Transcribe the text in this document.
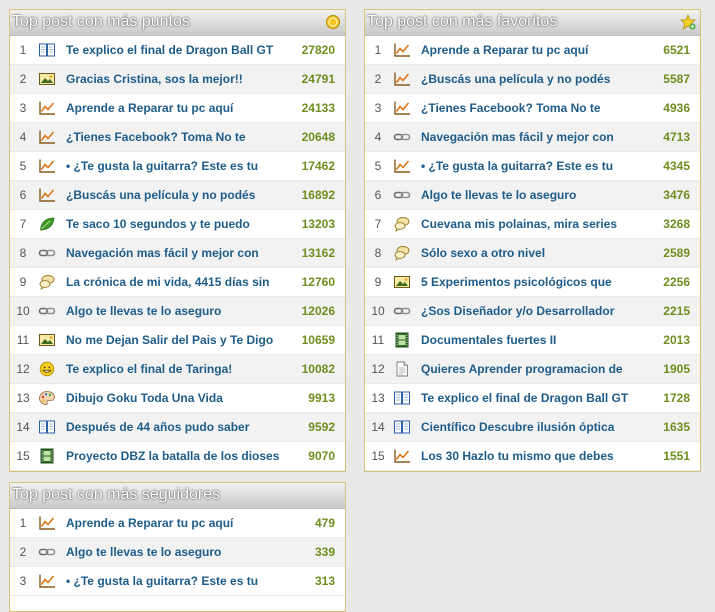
Top post con más puntos
1	Te explico el final de Dragon Ball GT 27820
2	Gracias Cristina, sos la mejor!!	24791
3	Aprende a Reparar tu pc aquí	24133
4	¿Tienes Facebook? Toma No te	20648
5	• ¿Te gusta la guitarra? Este es tu	17462
6	¿Buscás una película y no podés	16892
7	Te saco 10 segundos y te puedo	13203
8	Navegación mas fácil y mejor con	13162
9	La crónica de mi vida, 4415 días sin	12760
10	Algo te llevas te lo aseguro	12026
11	No me Dejan Salir del Pais y Te Digo 10659
12	Te explico el final de Taringa!	10082
13	Dibujo Goku Toda Una Vida	9913
14	Después de 44 años pudo saber	9592
15	Proyecto DBZ la batalla de los dioses 9070
Top post con más favoritos
1	Aprende a Reparar tu pc aquí	6521
2	¿Buscás una película y no podés	5587
3	¿Tienes Facebook? Toma No te	4936
4	Navegación mas fácil y mejor con	4713
5	• ¿Te gusta la guitarra? Este es tu	4345
6	Algo te llevas te lo aseguro	3476
7	Cuevana mis polainas, mira series	3268
8	Sólo sexo a otro nivel	2589
9	5 Experimentos psicológicos que	2256
10	¿Sos Diseñador y/o Desarrollador	2215
11	Documentales fuertes II	2013
12	Quieres Aprender programacion de	1905
13	Te explico el final de Dragon Ball GT	1728
14	Científico Descubre ilusión óptica	1635
15	Los 30 Hazlo tu mismo que debes	1551
Top post con más seguidores
1	Aprende a Reparar tu pc aquí	479
2	Algo te llevas te lo aseguro	339
3	• ¿Te gusta la guitarra? Este es tu	313
